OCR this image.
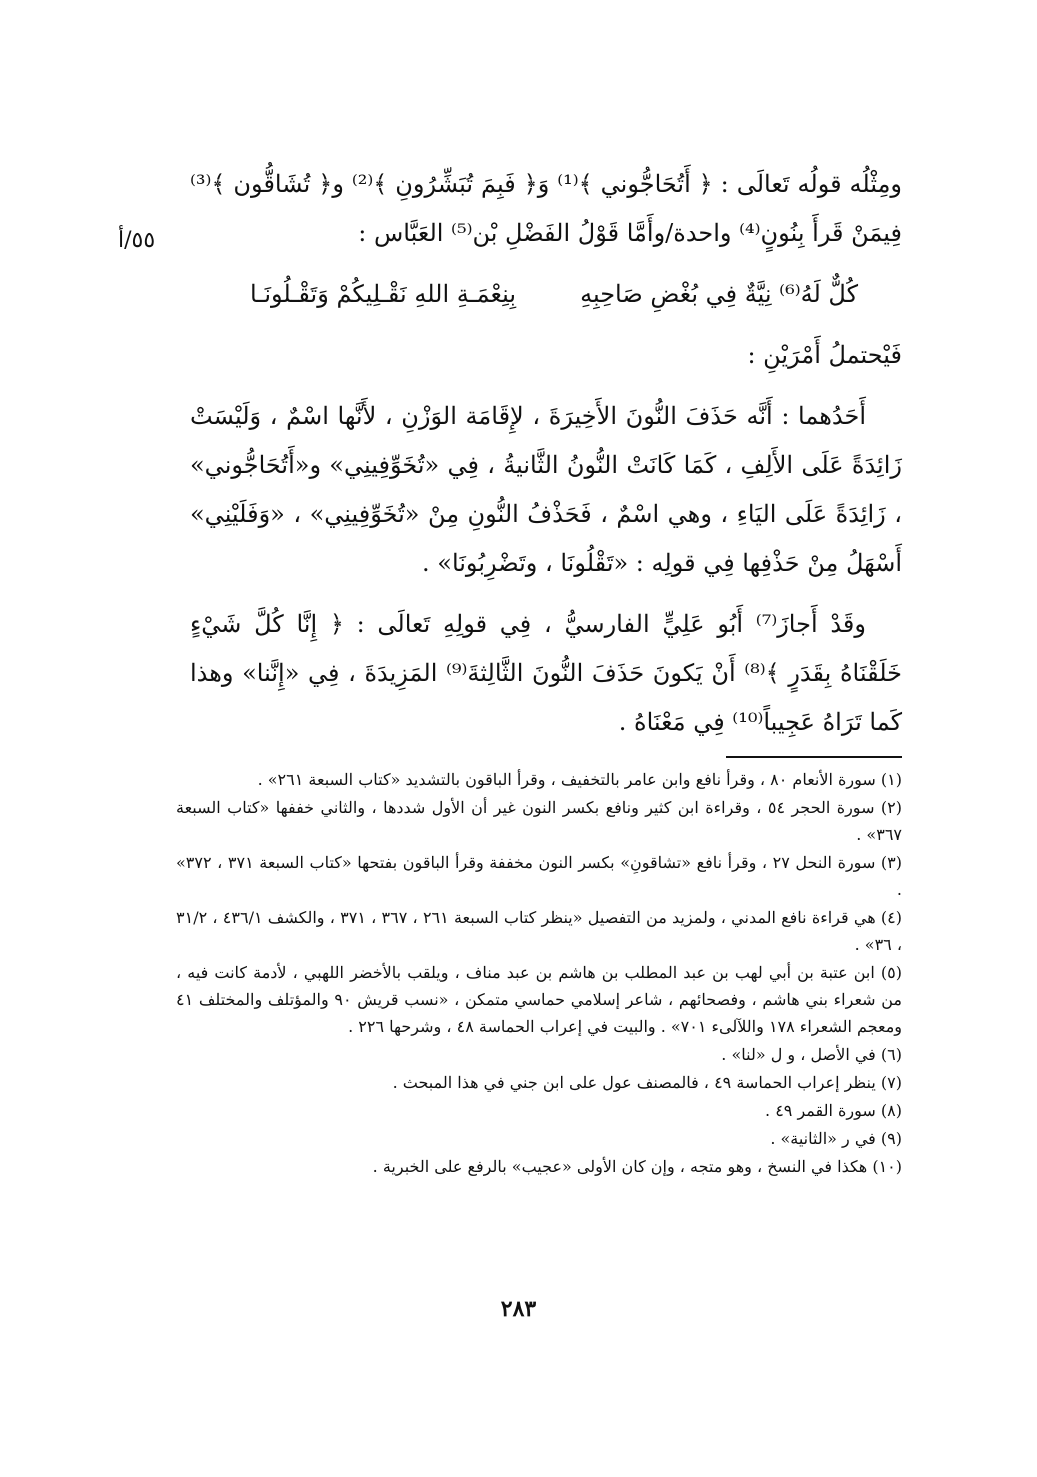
٥٥/أ

ومِثْلُه قولُه تَعالَى : ﴿ أَتُحَاجُّوني ﴾⁽¹⁾ وَ﴿ فَبِمَ تُبَشِّرُونِ ﴾⁽²⁾ و﴿ تُشَاقُّون ﴾⁽³⁾ فِيمَنْ قَرأَ بِنُونٍ⁽⁴⁾ واحدة/وأَمَّا قَوْلُ الفَضْلِ بْن⁽⁵⁾ العَبَّاس :

كُلٌّ لَهُ⁽⁶⁾ نِيَّةٌ فِي بُغْضِ صَاحِبِهِ
بِنِعْمَـةِ اللهِ نَقْـلِيكُمْ وَتَقْـلُونَـا

فَيْحتملُ أَمْرَيْنِ :

أَحَدُهما : أَنَّه حَذَفَ النُّونَ الأَخِيرَةَ ، لإِقَامَة الوَزْنِ ، لأَنَّها اسْمٌ ، وَلَيْسَتْ زَائِدَةً عَلَى الأَلِفِ ، كَمَا كَانَتْ النُّونُ الثَّانيةُ ، فِي «تُخَوِّفِينِي» و«أَتُحَاجُّوني» ، زَائِدَةً عَلَى اليَاءِ ، وهي اسْمٌ ، فَحَذْفُ النُّونِ مِنْ «تُخَوِّفِينِي» ، «وَفَلَيْنِي» أَسْهَلُ مِنْ حَذْفِها فِي قولِه : «تَقْلُونَا ، وتَضْرِبُونَا» .

وقَدْ أَجازَ⁽⁷⁾ أَبُو عَلِيٍّ الفارسيُّ ، فِي قولِهِ تَعالَى : ﴿ إِنَّا كُلَّ شَيْءٍ خَلَقْنَاهُ بِقَدَرٍ ﴾⁽⁸⁾ أَنْ يَكونَ حَذَفَ النُّونَ الثَّالِثةَ⁽⁹⁾ المَزِيدَةَ ، فِي «إِنَّنا» وهذا كَما تَرَاهُ عَجِيباً⁽¹⁰⁾ فِي مَعْنَاهُ .

(١) سورة الأنعام ٨٠ ، وقرأ نافع وابن عامر بالتخفيف ، وقرأ الباقون بالتشديد «كتاب السبعة ٢٦١» .

(٢) سورة الحجر ٥٤ ، وقراءة ابن كثير ونافع بكسر النون غير أن الأول شددها ، والثاني خففها «كتاب السبعة ٣٦٧» .

(٣) سورة النحل ٢٧ ، وقرأ نافع «تشاقونِ» بكسر النون مخففة وقرأ الباقون بفتحها «كتاب السبعة ٣٧١ ، ٣٧٢» .

(٤) هي قراءة نافع المدني ، ولمزيد من التفصيل «ينظر كتاب السبعة ٢٦١ ، ٣٦٧ ، ٣٧١ ، والكشف ٤٣٦/١ ، ٣١/٢ ، ٣٦» .

(٥) ابن عتبة بن أبي لهب بن عبد المطلب بن هاشم بن عبد مناف ، ويلقب بالأخضر اللهبي ، لأدمة كانت فيه ، من شعراء بني هاشم ، وفصحائهم ، شاعر إسلامي حماسي متمكن ، «نسب قريش ٩٠ والمؤتلف والمختلف ٤١ ومعجم الشعراء ١٧٨ واللآلىء ٧٠١» . والبيت في إعراب الحماسة ٤٨ ، وشرحها ٢٢٦ .

(٦) في الأصل ، و ل «لنا» .

(٧) ينظر إعراب الحماسة ٤٩ ، فالمصنف عول على ابن جني في هذا المبحث .

(٨) سورة القمر ٤٩ .

(٩) في ر «الثانية» .

(١٠) هكذا في النسخ ، وهو متجه ، وإن كان الأولى «عجيب» بالرفع على الخبرية .

٢٨٣
